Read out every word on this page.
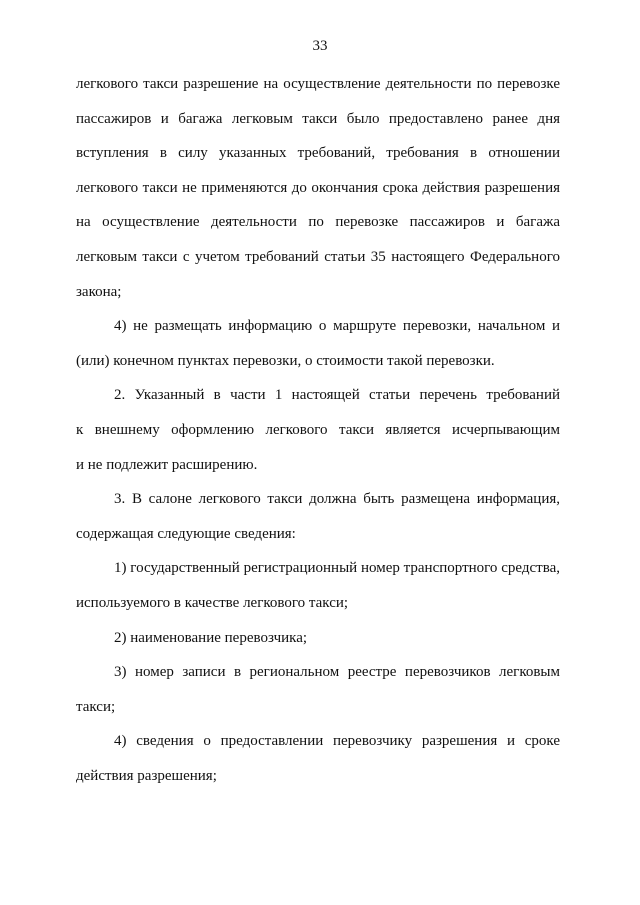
33

легкового такси разрешение на осуществление деятельности по перевозке
пассажиров и багажа легковым такси было предоставлено ранее дня
вступления в силу указанных требований, требования в отношении
легкового такси не применяются до окончания срока действия разрешения
на осуществление деятельности по перевозке пассажиров и багажа
легковым такси с учетом требований статьи 35 настоящего Федерального
закона;

4) не размещать информацию о маршруте перевозки, начальном и
(или) конечном пунктах перевозки, о стоимости такой перевозки.

2. Указанный в части 1 настоящей статьи перечень требований
к внешнему оформлению легкового такси является исчерпывающим
и не подлежит расширению.

3. В салоне легкового такси должна быть размещена информация,
содержащая следующие сведения:

1) государственный регистрационный номер транспортного средства,
используемого в качестве легкового такси;

2) наименование перевозчика;

3) номер записи в региональном реестре перевозчиков легковым
такси;

4) сведения о предоставлении перевозчику разрешения и сроке
действия разрешения;
